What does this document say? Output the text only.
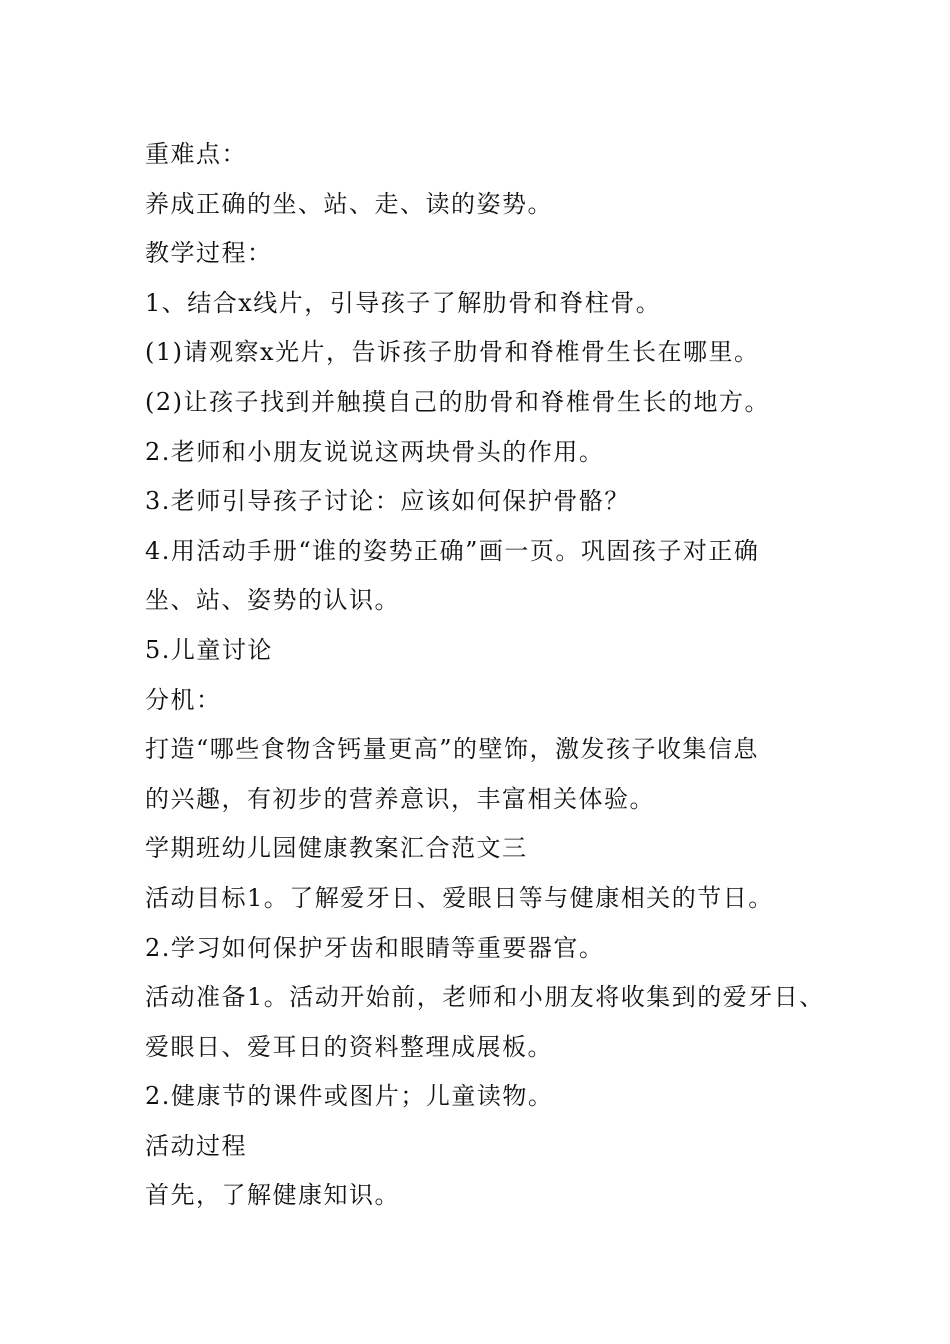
重难点：
养成正确的坐、站、走、读的姿势。
教学过程：
1、结合x线片，引导孩子了解肋骨和脊柱骨。
(1)请观察x光片，告诉孩子肋骨和脊椎骨生长在哪里。
(2)让孩子找到并触摸自己的肋骨和脊椎骨生长的地方。
2.老师和小朋友说说这两块骨头的作用。
3.老师引导孩子讨论：应该如何保护骨骼？
4.用活动手册“谁的姿势正确”画一页。巩固孩子对正确
坐、站、姿势的认识。
5.儿童讨论
分机：
打造“哪些食物含钙量更高”的壁饰，激发孩子收集信息
的兴趣，有初步的营养意识，丰富相关体验。
学期班幼儿园健康教案汇合范文三
活动目标1。了解爱牙日、爱眼日等与健康相关的节日。
2.学习如何保护牙齿和眼睛等重要器官。
活动准备1。活动开始前，老师和小朋友将收集到的爱牙日、
爱眼日、爱耳日的资料整理成展板。
2.健康节的课件或图片；儿童读物。
活动过程
首先，了解健康知识。
